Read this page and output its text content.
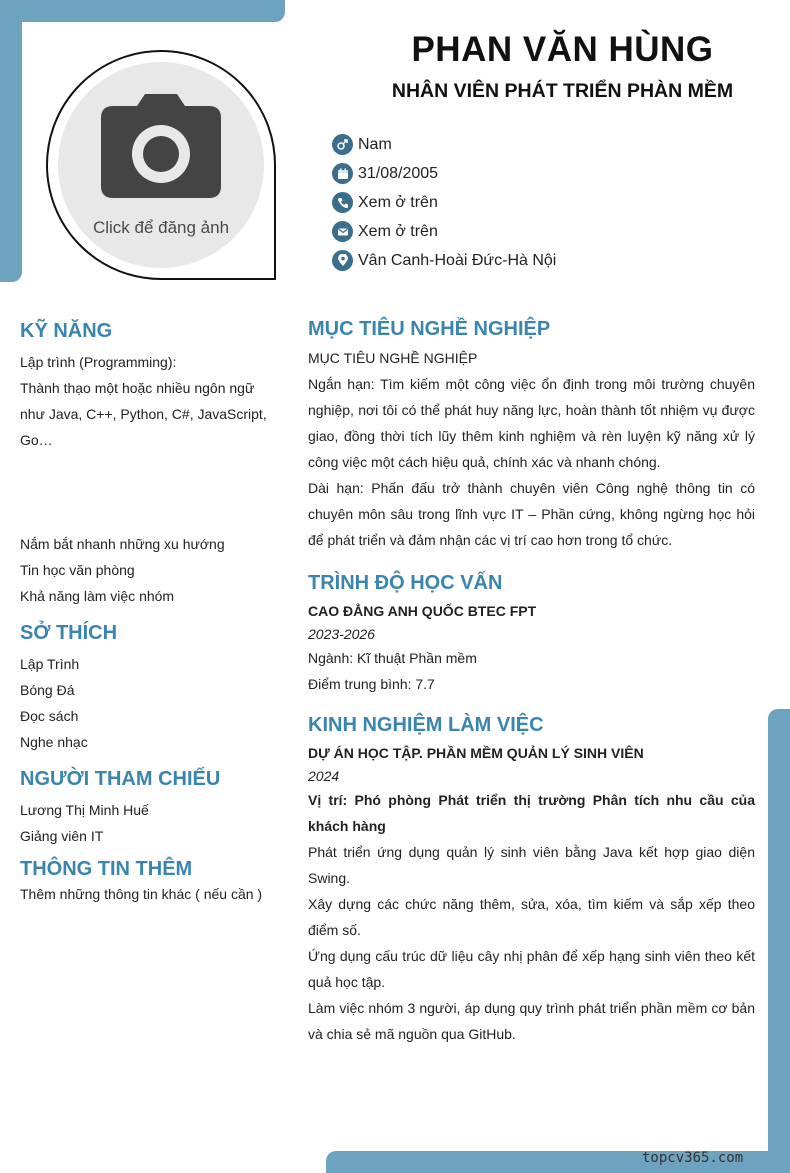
Click để đăng ảnh
PHAN VĂN HÙNG
NHÂN VIÊN PHÁT TRIỂN PHÀN MỀM
Nam
31/08/2005
Xem ở trên
Xem ở trên
Vân Canh-Hoài Đức-Hà Nội
KỸ NĂNG
Lập trình (Programming):
Thành thạo một hoặc nhiều ngôn ngữ
như Java, C++, Python, C#, JavaScript,
Go…
Nắm bắt nhanh những xu hướng
Tin học văn phòng
Khả năng làm việc nhóm
SỞ THÍCH
Lập Trình
Bóng Đá
Đọc sách
Nghe nhạc
NGƯỜI THAM CHIẾU
Lương Thị Minh Huế
Giảng viên IT
THÔNG TIN THÊM
Thêm những thông tin khác ( nếu cần )
MỤC TIÊU NGHỀ NGHIỆP
MỤC TIÊU NGHỀ NGHIỆP
Ngắn hạn: Tìm kiếm một công việc ổn định trong môi trường chuyên nghiệp, nơi tôi có thể phát huy năng lực, hoàn thành tốt nhiệm vụ được giao, đồng thời tích lũy thêm kinh nghiệm và rèn luyện kỹ năng xử lý công việc một cách hiệu quả, chính xác và nhanh chóng.
Dài hạn: Phấn đấu trở thành chuyên viên Công nghệ thông tin có chuyên môn sâu trong lĩnh vực IT – Phần cứng, không ngừng học hỏi để phát triển và đảm nhận các vị trí cao hơn trong tổ chức.
TRÌNH ĐỘ HỌC VẤN
CAO ĐẲNG ANH QUỐC BTEC FPT
2023-2026
Ngành: Kĩ thuật Phần mềm
Điểm trung bình: 7.7
KINH NGHIỆM LÀM VIỆC
DỰ ÁN HỌC TẬP. PHẦN MỀM QUẢN LÝ SINH VIÊN
2024
Vị trí: Phó phòng Phát triển thị trường Phân tích nhu cầu của khách hàng
Phát triển ứng dụng quản lý sinh viên bằng Java kết hợp giao diện Swing.
Xây dựng các chức năng thêm, sửa, xóa, tìm kiếm và sắp xếp theo điểm số.
Ứng dụng cấu trúc dữ liệu cây nhị phân để xếp hạng sinh viên theo kết quả học tập.
Làm việc nhóm 3 người, áp dụng quy trình phát triển phần mềm cơ bản và chia sẻ mã nguồn qua GitHub.
topcv365.com
